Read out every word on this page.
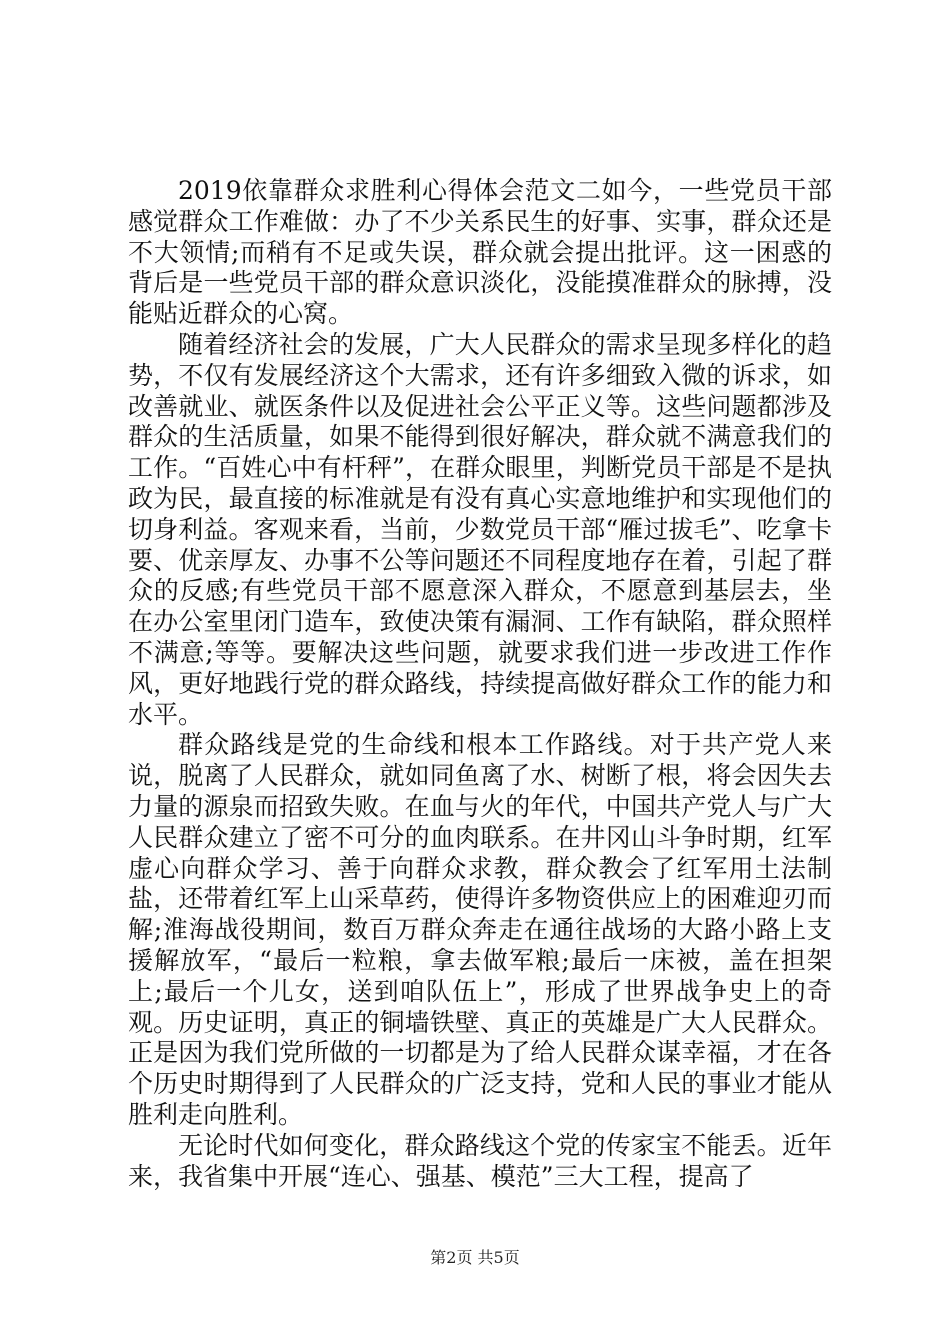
2019依靠群众求胜利心得体会范文二如今，一些党员干部感觉群众工作难做：办了不少关系民生的好事、实事，群众还是不大领情;而稍有不足或失误，群众就会提出批评。这一困惑的背后是一些党员干部的群众意识淡化，没能摸准群众的脉搏，没能贴近群众的心窝。

随着经济社会的发展，广大人民群众的需求呈现多样化的趋势，不仅有发展经济这个大需求，还有许多细致入微的诉求，如改善就业、就医条件以及促进社会公平正义等。这些问题都涉及群众的生活质量，如果不能得到很好解决，群众就不满意我们的工作。“百姓心中有杆秤”，在群众眼里，判断党员干部是不是执政为民，最直接的标准就是有没有真心实意地维护和实现他们的切身利益。客观来看，当前，少数党员干部“雁过拔毛”、吃拿卡要、优亲厚友、办事不公等问题还不同程度地存在着，引起了群众的反感;有些党员干部不愿意深入群众，不愿意到基层去，坐在办公室里闭门造车，致使决策有漏洞、工作有缺陷，群众照样不满意;等等。要解决这些问题，就要求我们进一步改进工作作风，更好地践行党的群众路线，持续提高做好群众工作的能力和水平。

群众路线是党的生命线和根本工作路线。对于共产党人来说，脱离了人民群众，就如同鱼离了水、树断了根，将会因失去力量的源泉而招致失败。在血与火的年代，中国共产党人与广大人民群众建立了密不可分的血肉联系。在井冈山斗争时期，红军虚心向群众学习、善于向群众求教，群众教会了红军用土法制盐，还带着红军上山采草药，使得许多物资供应上的困难迎刃而解;淮海战役期间，数百万群众奔走在通往战场的大路小路上支援解放军，“最后一粒粮，拿去做军粮;最后一床被，盖在担架上;最后一个儿女，送到咱队伍上”，形成了世界战争史上的奇观。历史证明，真正的铜墙铁壁、真正的英雄是广大人民群众。正是因为我们党所做的一切都是为了给人民群众谋幸福，才在各个历史时期得到了人民群众的广泛支持，党和人民的事业才能从胜利走向胜利。

无论时代如何变化，群众路线这个党的传家宝不能丢。近年来，我省集中开展“连心、强基、模范”三大工程，提高了

第2页 共5页
